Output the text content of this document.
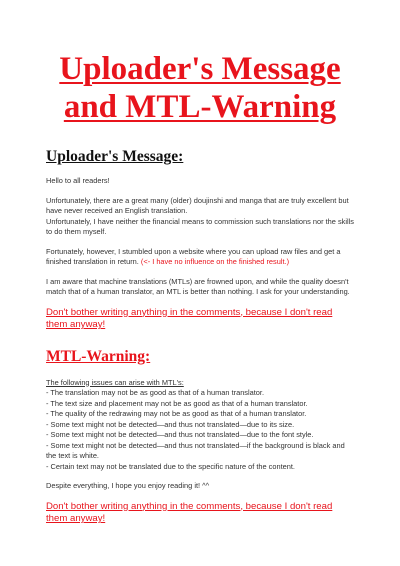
Uploader's Message
and MTL-Warning
Uploader's Message:

Hello to all readers!

Unfortunately, there are a great many (older) doujinshi and manga that are truly excellent but have never received an English translation.

Unfortunately, I have neither the financial means to commission such translations nor the skills to do them myself.

Fortunately, however, I stumbled upon a website where you can upload raw files and get a finished translation in return. (<- I have no influence on the finished result.)

I am aware that machine translations (MTLs) are frowned upon, and while the quality doesn't match that of a human translator, an MTL is better than nothing. I ask for your understanding.

Don't bother writing anything in the comments, because I don't read them anyway!

MTL-Warning:

The following issues can arise with MTL's:

- The translation may not be as good as that of a human translator.
- The text size and placement may not be as good as that of a human translator.
- The quality of the redrawing may not be as good as that of a human translator.
- Some text might not be detected—and thus not translated—due to its size.
- Some text might not be detected—and thus not translated—due to the font style.
- Some text might not be detected—and thus not translated—if the background is black and the text is white.
- Certain text may not be translated due to the specific nature of the content.

Despite everything, I hope you enjoy reading it! ^^

Don't bother writing anything in the comments, because I don't read them anyway!
